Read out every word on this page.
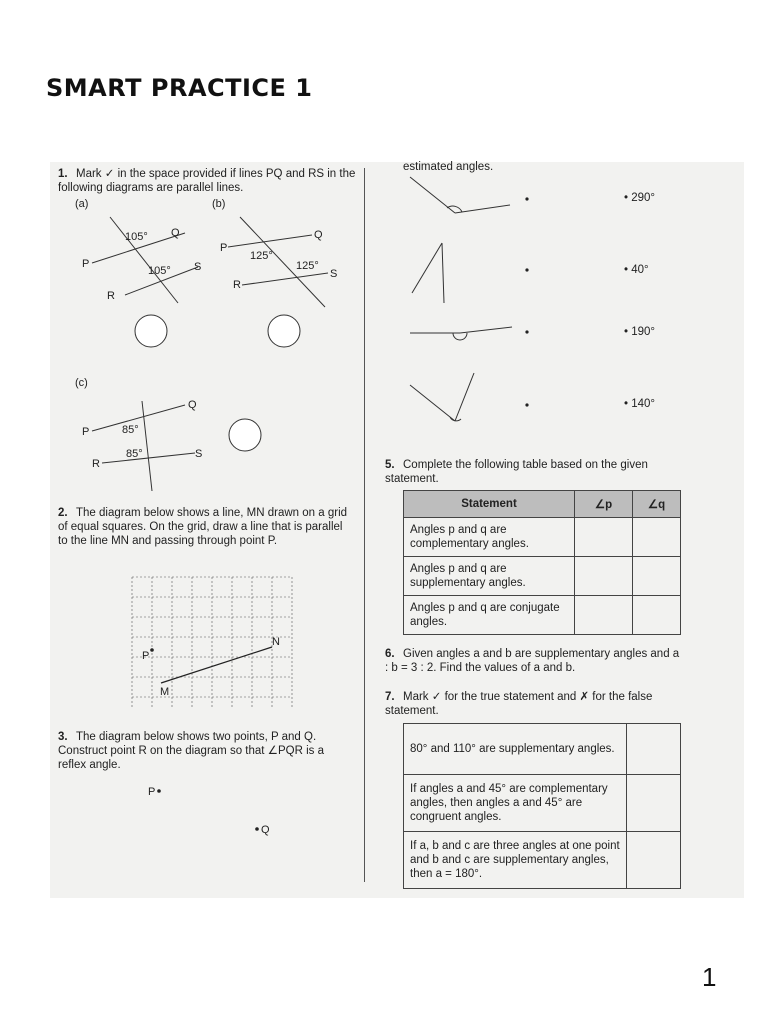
SMART PRACTICE 1
1. Mark ✓ in the space provided if lines PQ and RS in the following diagrams are parallel lines.
(a)	(b)
P
Q
R
S
105°
105°
P
Q
R
S
125°
125°
(c)
P
Q
R
S
85°
85°
2. The diagram below shows a line, MN drawn on a grid of equal squares. On the grid, draw a line that is parallel to the line MN and passing through point P.
P
N
M
3. The diagram below shows two points, P and Q. Construct point R on the diagram so that ∠PQR is a reflex angle.
P
Q
estimated angles.
• 290°
• 40°
• 190°
• 140°
5. Complete the following table based on the given statement.
Statement	∠p	∠q
Angles p and q are complementary angles.		
Angles p and q are supplementary angles.		
Angles p and q are conjugate angles.		
6. Given angles a and b are supplementary angles and a : b = 3 : 2. Find the values of a and b.
7. Mark ✓ for the true statement and ✗ for the false statement.
80° and 110° are supplementary angles.	
If angles a and 45° are complementary angles, then angles a and 45° are congruent angles.	
If a, b and c are three angles at one point and b and c are supplementary angles, then a = 180°.	
1
